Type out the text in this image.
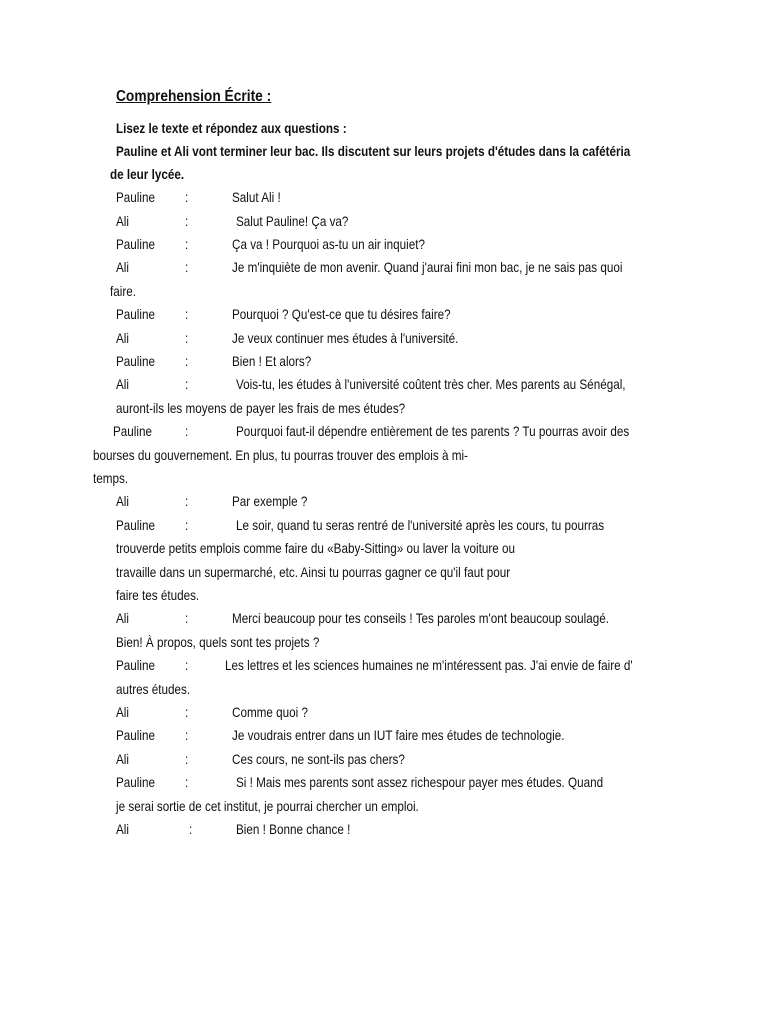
Comprehension Écrite :
Lisez le texte et répondez aux questions :
Pauline et Ali vont terminer leur bac. Ils discutent sur leurs projets d'études dans la cafétéria
de leur lycée.
Pauline :	Salut Ali !
Ali	:	Salut Pauline! Ça va?
Pauline :	Ça va ! Pourquoi as-tu un air inquiet?
Ali	:	Je m'inquiète de mon avenir. Quand j'aurai fini mon bac, je ne sais pas quoi
faire.
Pauline :	Pourquoi ? Qu'est-ce que tu désires faire?
Ali	:	Je veux continuer mes études à l'université.
Pauline :	Bien ! Et alors?
Ali	:	Vois-tu, les études à l'université coûtent très cher. Mes parents au Sénégal,
auront-ils les moyens de payer les frais de mes études?
Pauline :	Pourquoi faut-il dépendre entièrement de tes parents ? Tu pourras avoir des
bourses du gouvernement. En plus, tu pourras trouver des emplois à mi-
temps.
Ali	:	Par exemple ?
Pauline :	Le soir, quand tu seras rentré de l'université après les cours, tu pourras
trouverde petits emplois comme faire du «Baby-Sitting» ou laver la voiture ou
travaille dans un supermarché, etc. Ainsi tu pourras gagner ce qu'il faut pour
faire tes études.
Ali	:	Merci beaucoup pour tes conseils ! Tes paroles m'ont beaucoup soulagé.
Bien! À propos, quels sont tes projets ?
Pauline :	Les lettres et les sciences humaines ne m'intéressent pas. J'ai envie de faire d'
autres études.
Ali	:	Comme quoi ?
Pauline :	Je voudrais entrer dans un IUT faire mes études de technologie.
Ali	:	Ces cours, ne sont-ils pas chers?
Pauline :	Si ! Mais mes parents sont assez richespour payer mes études. Quand
je serai sortie de cet institut, je pourrai chercher un emploi.
Ali	:	Bien ! Bonne chance !
